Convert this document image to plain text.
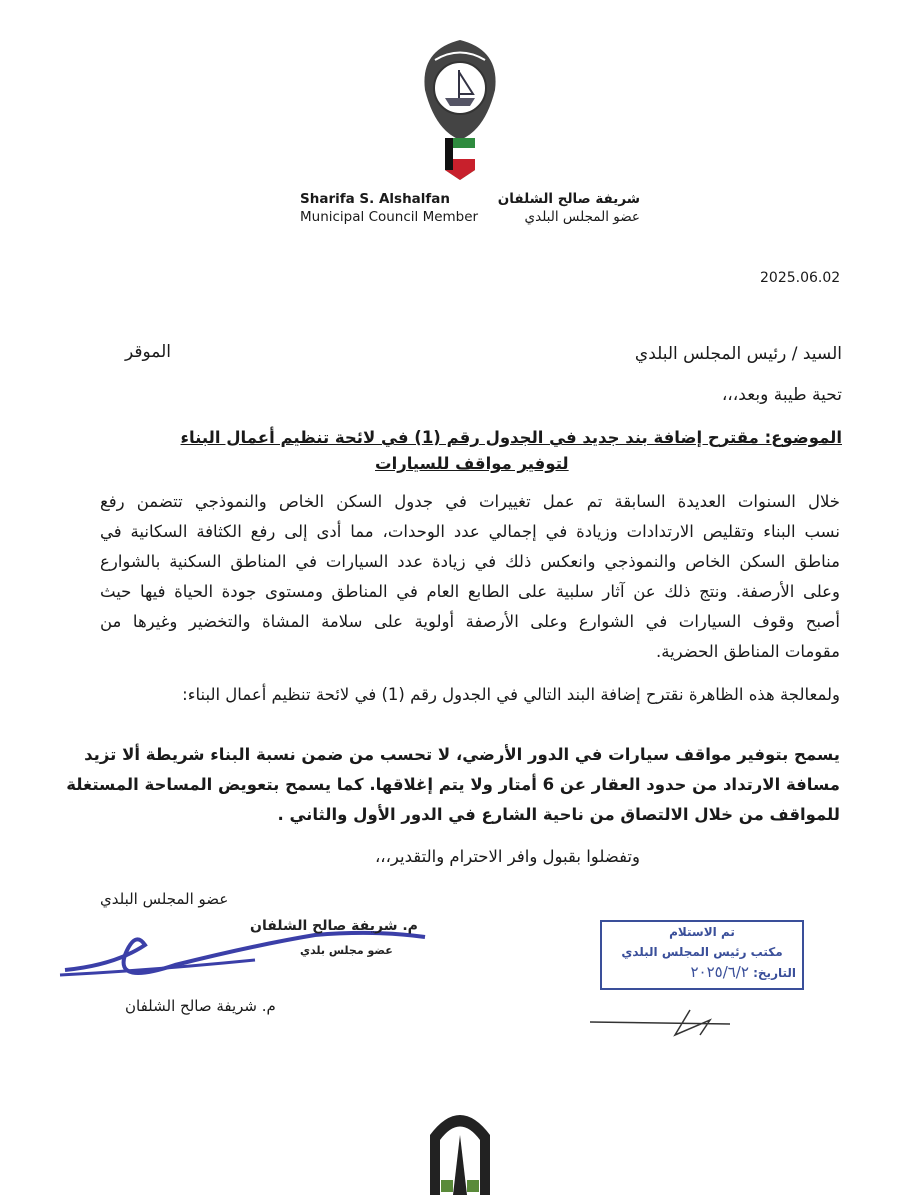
Sharifa S. Alshalfan	شريفة صالح الشلفان
Municipal Council Member	عضو المجلس البلدي
2025.06.02
السيد / رئيس المجلس البلدي
الموقر
تحية طيبة وبعد،،،
الموضوع: مقترح إضافة بند جديد في الجدول رقم (1) في لائحة تنظيم أعمال البناء
لتوفير مواقف للسيارات
خلال السنوات العديدة السابقة تم عمل تغييرات في جدول السكن الخاص والنموذجي تتضمن رفع
نسب البناء وتقليص الارتدادات وزيادة في إجمالي عدد الوحدات، مما أدى إلى رفع الكثافة السكانية في
مناطق السكن الخاص والنموذجي وانعكس ذلك في زيادة عدد السيارات في المناطق السكنية بالشوارع
وعلى الأرصفة. ونتج ذلك عن آثار سلبية على الطابع العام في المناطق ومستوى جودة الحياة فيها حيث
أصبح وقوف السيارات في الشوارع وعلى الأرصفة أولوية على سلامة المشاة والتخضير وغيرها من
مقومات المناطق الحضرية.
ولمعالجة هذه الظاهرة نقترح إضافة البند التالي في الجدول رقم (1) في لائحة تنظيم أعمال البناء:
يسمح بتوفير مواقف سيارات في الدور الأرضي، لا تحسب من ضمن نسبة البناء شريطة ألا تزيد
مسافة الارتداد من حدود العقار عن 6 أمتار ولا يتم إغلاقها. كما يسمح بتعويض المساحة المستغلة
للمواقف من خلال الالتصاق من ناحية الشارع في الدور الأول والثاني .
وتفضلوا بقبول وافر الاحترام والتقدير،،،
عضو المجلس البلدي
م. شريفة صالح الشلفان
عضو مجلس بلدي
م. شريفة صالح الشلفان
تم الاستلام
مكتب رئيس المجلس البلدي
التاريخ: ٢٠٢٥/٦/٢
